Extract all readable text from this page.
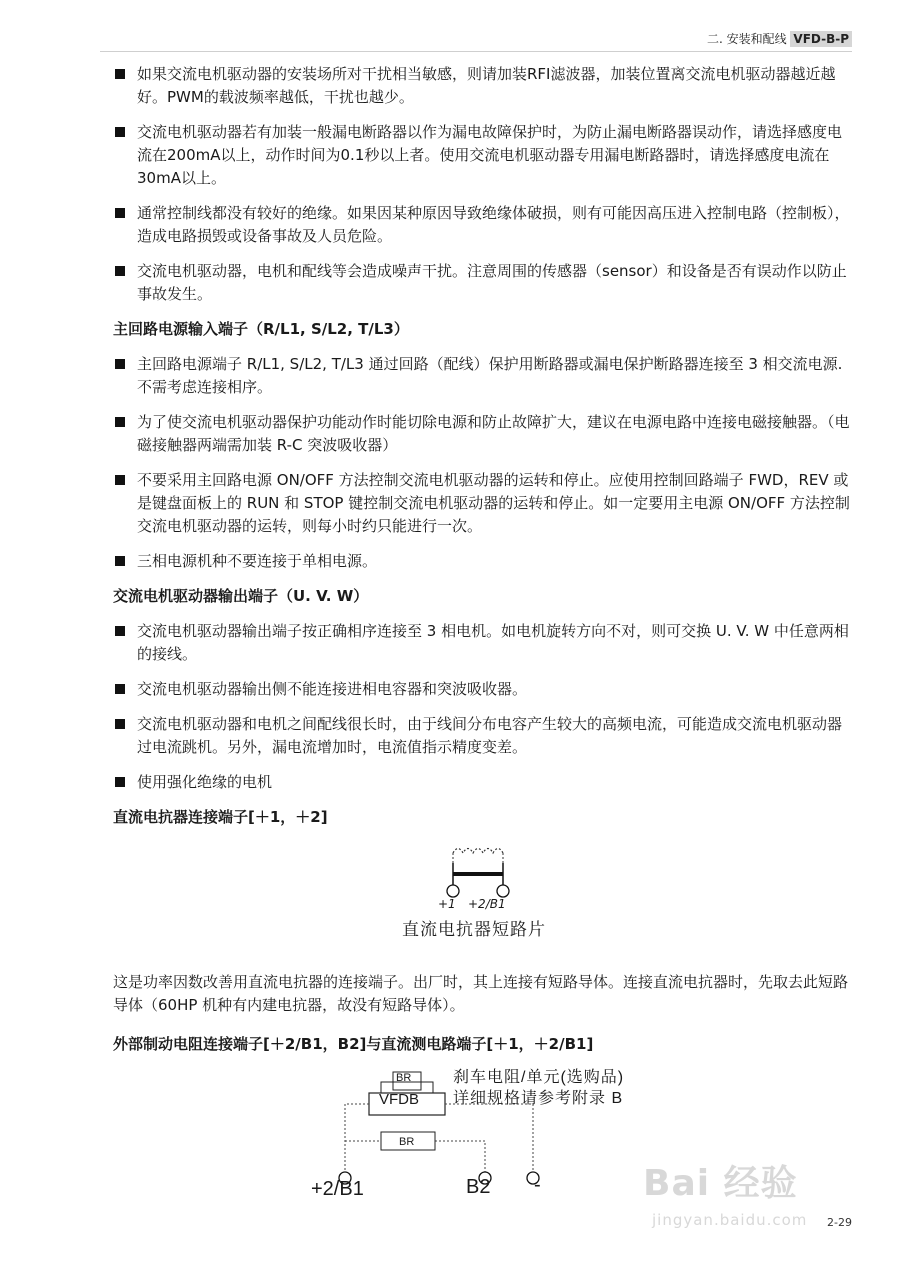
二. 安装和配线 VFD-B-P
如果交流电机驱动器的安装场所对干扰相当敏感，则请加装RFI滤波器，加装位置离交流电机驱动器越近越好。PWM的载波频率越低，干扰也越少。
交流电机驱动器若有加装一般漏电断路器以作为漏电故障保护时，为防止漏电断路器误动作，请选择感度电流在200mA以上，动作时间为0.1秒以上者。使用交流电机驱动器专用漏电断路器时，请选择感度电流在30mA以上。
通常控制线都没有较好的绝缘。如果因某种原因导致绝缘体破损，则有可能因高压进入控制电路（控制板），造成电路损毁或设备事故及人员危险。
交流电机驱动器，电机和配线等会造成噪声干扰。注意周围的传感器（sensor）和设备是否有误动作以防止事故发生。
主回路电源输入端子（R/L1, S/L2, T/L3）
主回路电源端子 R/L1, S/L2, T/L3 通过回路（配线）保护用断路器或漏电保护断路器连接至 3 相交流电源.不需考虑连接相序。
为了使交流电机驱动器保护功能动作时能切除电源和防止故障扩大，建议在电源电路中连接电磁接触器。（电磁接触器两端需加装 R-C 突波吸收器）
不要采用主回路电源 ON/OFF 方法控制交流电机驱动器的运转和停止。应使用控制回路端子 FWD，REV 或是键盘面板上的 RUN 和 STOP 键控制交流电机驱动器的运转和停止。如一定要用主电源 ON/OFF 方法控制交流电机驱动器的运转，则每小时约只能进行一次。
三相电源机种不要连接于单相电源。
交流电机驱动器输出端子（U. V. W）
交流电机驱动器输出端子按正确相序连接至 3 相电机。如电机旋转方向不对，则可交换 U. V. W 中任意两相的接线。
交流电机驱动器输出侧不能连接进相电容器和突波吸收器。
交流电机驱动器和电机之间配线很长时，由于线间分布电容产生较大的高频电流，可能造成交流电机驱动器过电流跳机。另外，漏电流增加时，电流值指示精度变差。
使用强化绝缘的电机
直流电抗器连接端子[＋1，＋2]
+1 +2/B1
直流电抗器短路片
这是功率因数改善用直流电抗器的连接端子。出厂时，其上连接有短路导体。连接直流电抗器时，先取去此短路导体（60HP 机种有内建电抗器，故没有短路导体）。
外部制动电阻连接端子[＋2/B1，B2]与直流测电路端子[＋1，＋2/B1]
BR
VFDB
BR
刹车电阻/单元(选购品)
详细规格请参考附录 B
+2/B1	B2 -	Bai 经验
jingyan.baidu.com 2-29
